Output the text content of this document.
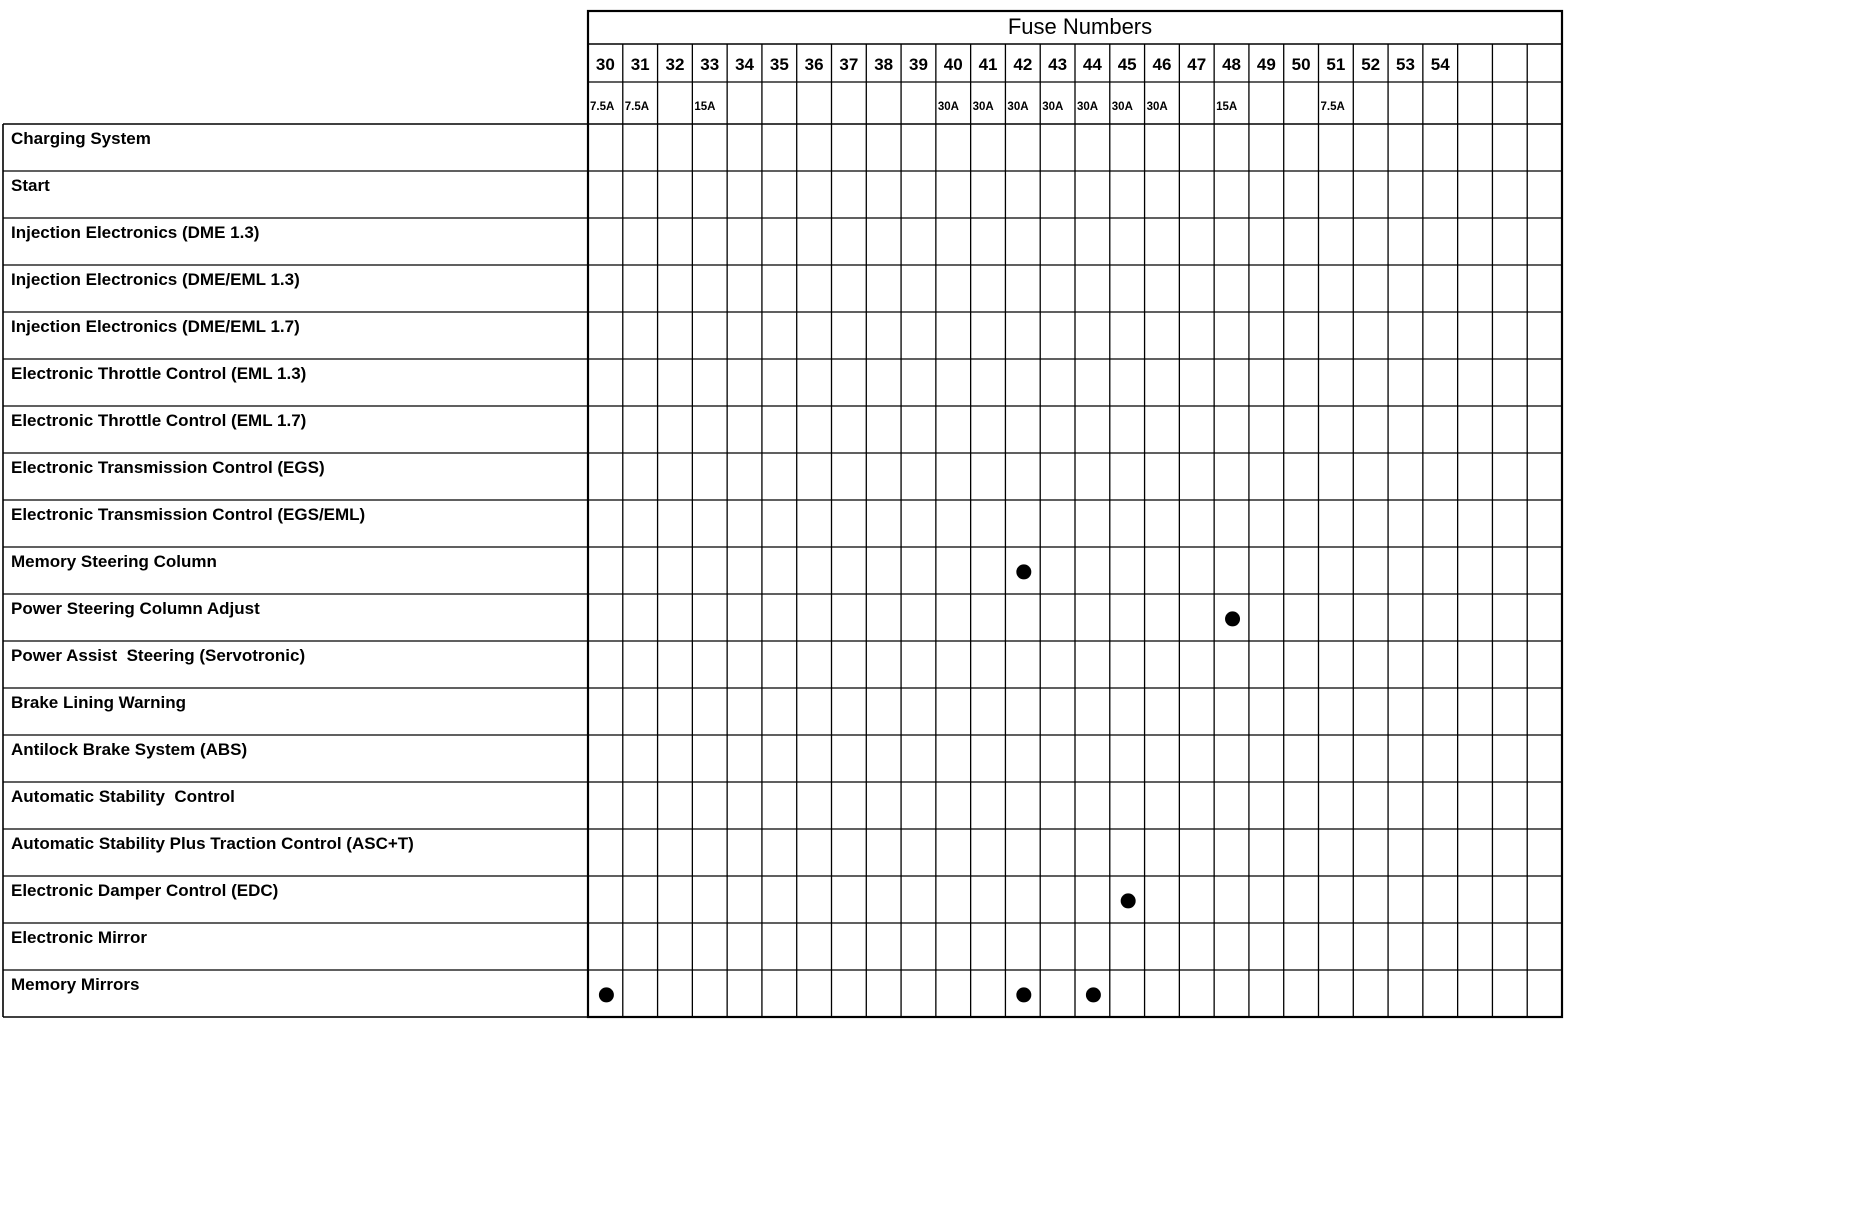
Fuse Numbers
30
7.5A
31
7.5A
32 33
15A
34 35 36 37 38 39 40
30A
41
30A
42
30A
43
30A
44
30A
45
30A
46
30A
47 48
15A
49 50 51
7.5A
52 53 54
Charging System
Start
Injection Electronics (DME 1.3)
Injection Electronics (DME/EML 1.3)
Injection Electronics (DME/EML 1.7)
Electronic Throttle Control (EML 1.3)
Electronic Throttle Control (EML 1.7)
Electronic Transmission Control (EGS)
Electronic Transmission Control (EGS/EML)
Memory Steering Column
Power Steering Column Adjust
Power Assist  Steering (Servotronic)
Brake Lining Warning
Antilock Brake System (ABS)
Automatic Stability  Control
Automatic Stability Plus Traction Control (ASC+T)
Electronic Damper Control (EDC)
Electronic Mirror
Memory Mirrors
